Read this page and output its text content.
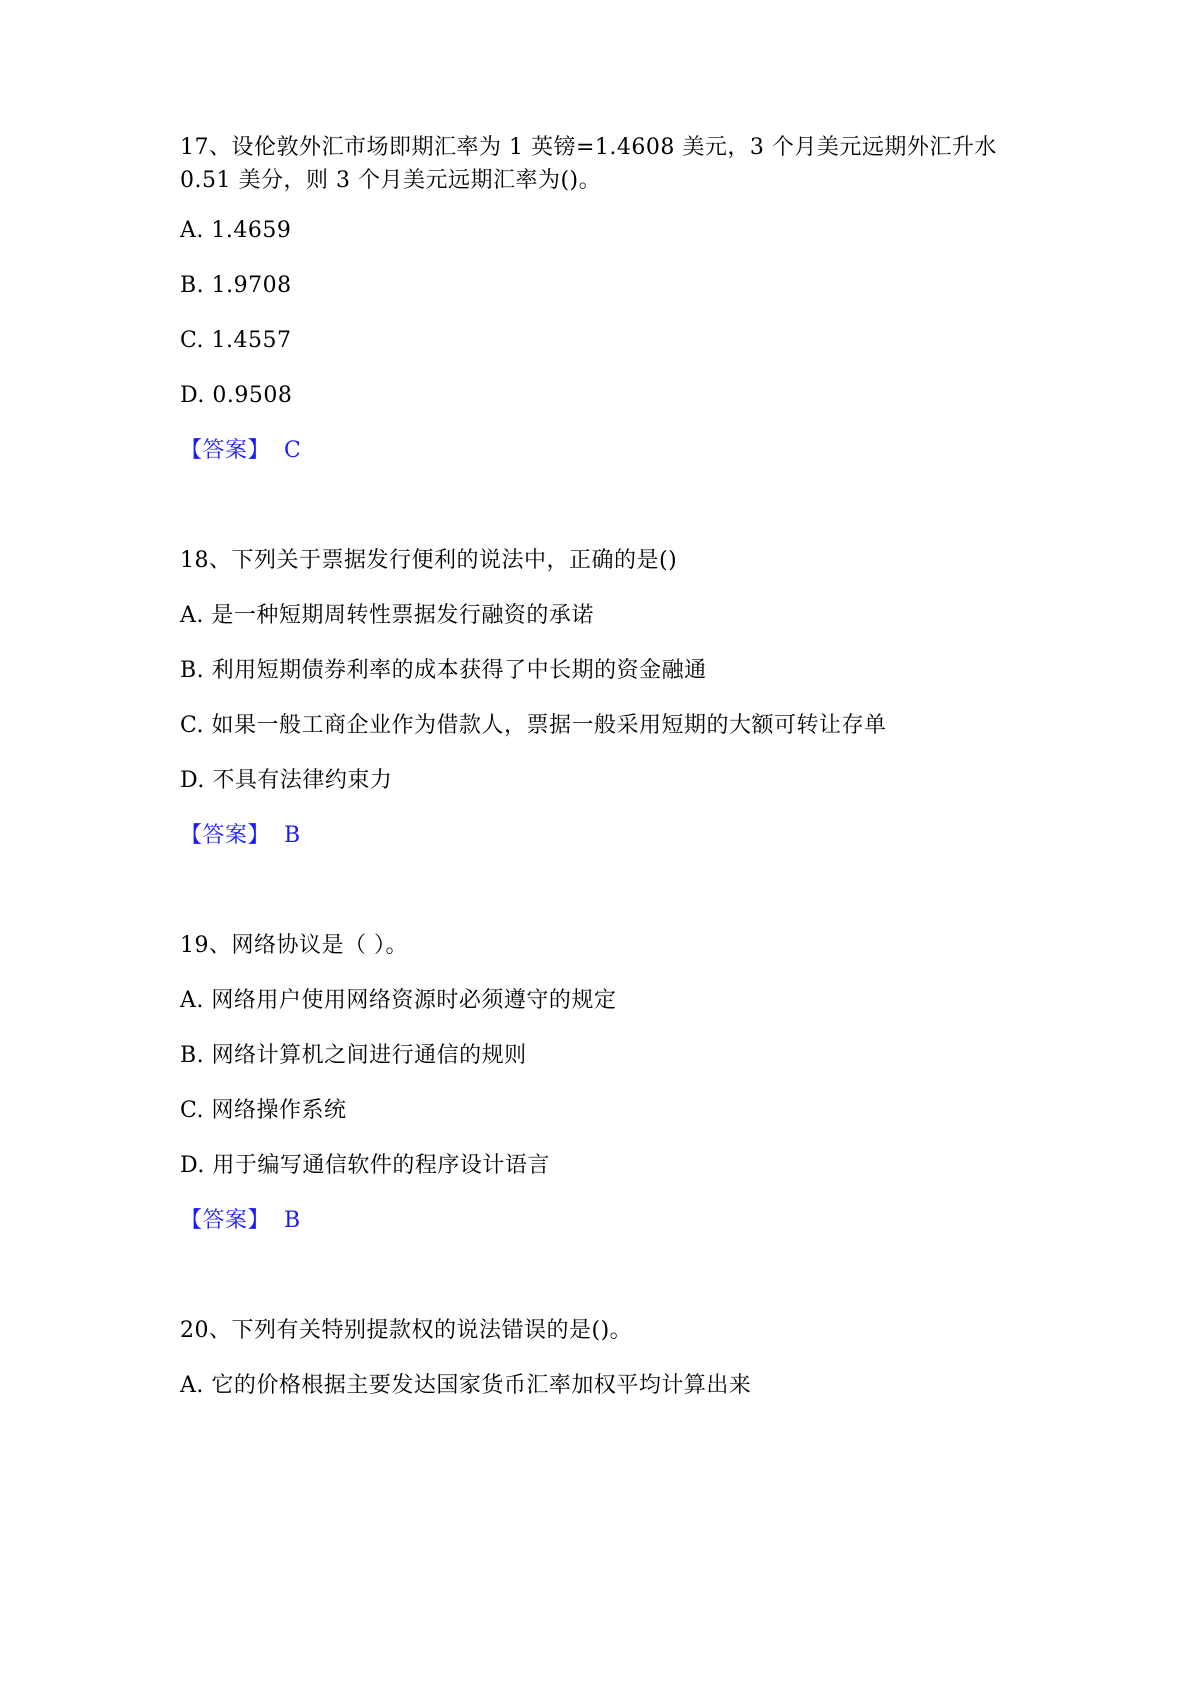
17、设伦敦外汇市场即期汇率为 1 英镑=1.4608 美元，3 个月美元远期外汇升水
0.51 美分，则 3 个月美元远期汇率为()。
A. 1.4659
B. 1.9708
C. 1.4557
D. 0.9508
【答案】 C
18、下列关于票据发行便利的说法中，正确的是()
A. 是一种短期周转性票据发行融资的承诺
B. 利用短期债券利率的成本获得了中长期的资金融通
C. 如果一般工商企业作为借款人，票据一般采用短期的大额可转让存单
D. 不具有法律约束力
【答案】 B
19、网络协议是（ ）。
A. 网络用户使用网络资源时必须遵守的规定
B. 网络计算机之间进行通信的规则
C. 网络操作系统
D. 用于编写通信软件的程序设计语言
【答案】 B
20、下列有关特别提款权的说法错误的是()。
A. 它的价格根据主要发达国家货币汇率加权平均计算出来
